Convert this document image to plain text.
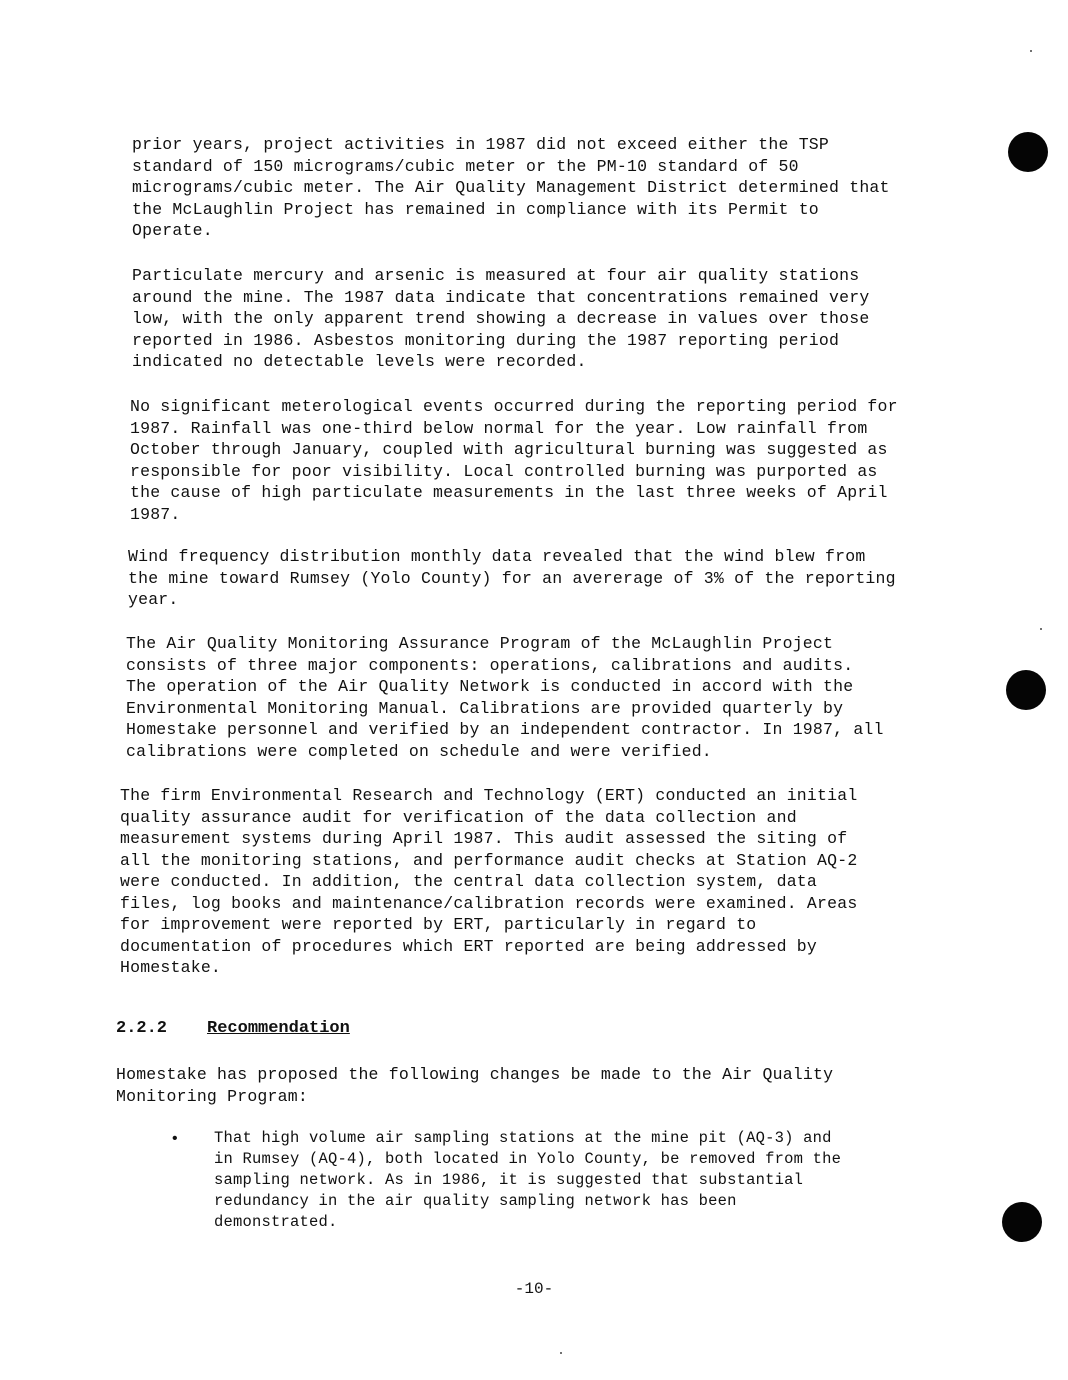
prior years, project activities in 1987 did not exceed either the TSP
standard of 150 micrograms/cubic meter or the PM-10 standard of 50
micrograms/cubic meter. The Air Quality Management District determined that
the McLaughlin Project has remained in compliance with its Permit to
Operate.

Particulate mercury and arsenic is measured at four air quality stations
around the mine. The 1987 data indicate that concentrations remained very
low, with the only apparent trend showing a decrease in values over those
reported in 1986. Asbestos monitoring during the 1987 reporting period
indicated no detectable levels were recorded.

No significant meterological events occurred during the reporting period for
1987. Rainfall was one-third below normal for the year. Low rainfall from
October through January, coupled with agricultural burning was suggested as
responsible for poor visibility. Local controlled burning was purported as
the cause of high particulate measurements in the last three weeks of April
1987.

Wind frequency distribution monthly data revealed that the wind blew from
the mine toward Rumsey (Yolo County) for an avererage of 3% of the reporting
year.

The Air Quality Monitoring Assurance Program of the McLaughlin Project
consists of three major components: operations, calibrations and audits.
The operation of the Air Quality Network is conducted in accord with the
Environmental Monitoring Manual. Calibrations are provided quarterly by
Homestake personnel and verified by an independent contractor. In 1987, all
calibrations were completed on schedule and were verified.

The firm Environmental Research and Technology (ERT) conducted an initial
quality assurance audit for verification of the data collection and
measurement systems during April 1987. This audit assessed the siting of
all the monitoring stations, and performance audit checks at Station AQ-2
were conducted. In addition, the central data collection system, data
files, log books and maintenance/calibration records were examined. Areas
for improvement were reported by ERT, particularly in regard to
documentation of procedures which ERT reported are being addressed by
Homestake.

2.2.2 Recommendation

Homestake has proposed the following changes be made to the Air Quality
Monitoring Program:

• That high volume air sampling stations at the mine pit (AQ-3) and
in Rumsey (AQ-4), both located in Yolo County, be removed from the
sampling network. As in 1986, it is suggested that substantial
redundancy in the air quality sampling network has been
demonstrated.

-10-
